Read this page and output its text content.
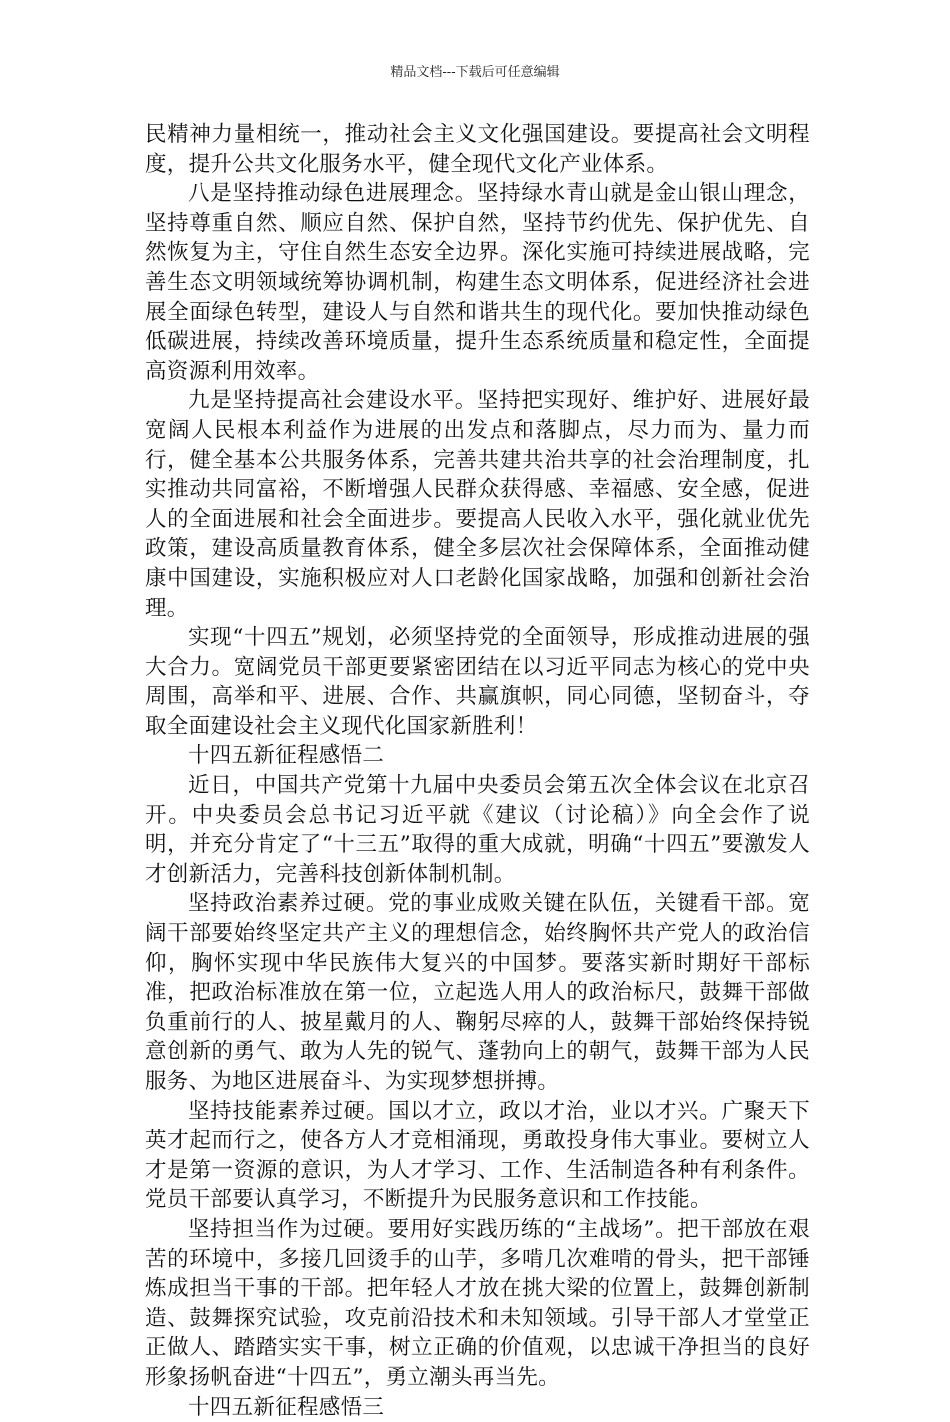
精品文档---下载后可任意编辑

民精神力量相统一，推动社会主义文化强国建设。要提高社会文明程度，提升公共文化服务水平，健全现代文化产业体系。

八是坚持推动绿色进展理念。坚持绿水青山就是金山银山理念，坚持尊重自然、顺应自然、保护自然，坚持节约优先、保护优先、自然恢复为主，守住自然生态安全边界。深化实施可持续进展战略，完善生态文明领域统筹协调机制，构建生态文明体系，促进经济社会进展全面绿色转型，建设人与自然和谐共生的现代化。要加快推动绿色低碳进展，持续改善环境质量，提升生态系统质量和稳定性，全面提高资源利用效率。

九是坚持提高社会建设水平。坚持把实现好、维护好、进展好最宽阔人民根本利益作为进展的出发点和落脚点，尽力而为、量力而行，健全基本公共服务体系，完善共建共治共享的社会治理制度，扎实推动共同富裕，不断增强人民群众获得感、幸福感、安全感，促进人的全面进展和社会全面进步。要提高人民收入水平，强化就业优先政策，建设高质量教育体系，健全多层次社会保障体系，全面推动健康中国建设，实施积极应对人口老龄化国家战略，加强和创新社会治理。

实现“十四五”规划，必须坚持党的全面领导，形成推动进展的强大合力。宽阔党员干部更要紧密团结在以习近平同志为核心的党中央周围，高举和平、进展、合作、共赢旗帜，同心同德，坚韧奋斗，夺取全面建设社会主义现代化国家新胜利！

十四五新征程感悟二

近日，中国共产党第十九届中央委员会第五次全体会议在北京召开。中央委员会总书记习近平就《建议（讨论稿）》向全会作了说明，并充分肯定了“十三五”取得的重大成就，明确“十四五”要激发人才创新活力，完善科技创新体制机制。

坚持政治素养过硬。党的事业成败关键在队伍，关键看干部。宽阔干部要始终坚定共产主义的理想信念，始终胸怀共产党人的政治信仰，胸怀实现中华民族伟大复兴的中国梦。要落实新时期好干部标准，把政治标准放在第一位，立起选人用人的政治标尺，鼓舞干部做负重前行的人、披星戴月的人、鞠躬尽瘁的人，鼓舞干部始终保持锐意创新的勇气、敢为人先的锐气、蓬勃向上的朝气，鼓舞干部为人民服务、为地区进展奋斗、为实现梦想拼搏。

坚持技能素养过硬。国以才立，政以才治，业以才兴。广聚天下英才起而行之，使各方人才竞相涌现，勇敢投身伟大事业。要树立人才是第一资源的意识，为人才学习、工作、生活制造各种有利条件。党员干部要认真学习，不断提升为民服务意识和工作技能。

坚持担当作为过硬。要用好实践历练的“主战场”。把干部放在艰苦的环境中，多接几回烫手的山芋，多啃几次难啃的骨头，把干部锤炼成担当干事的干部。把年轻人才放在挑大梁的位置上，鼓舞创新制造、鼓舞探究试验，攻克前沿技术和未知领域。引导干部人才堂堂正正做人、踏踏实实干事，树立正确的价值观，以忠诚干净担当的良好形象扬帆奋进“十四五”，勇立潮头再当先。

十四五新征程感悟三
